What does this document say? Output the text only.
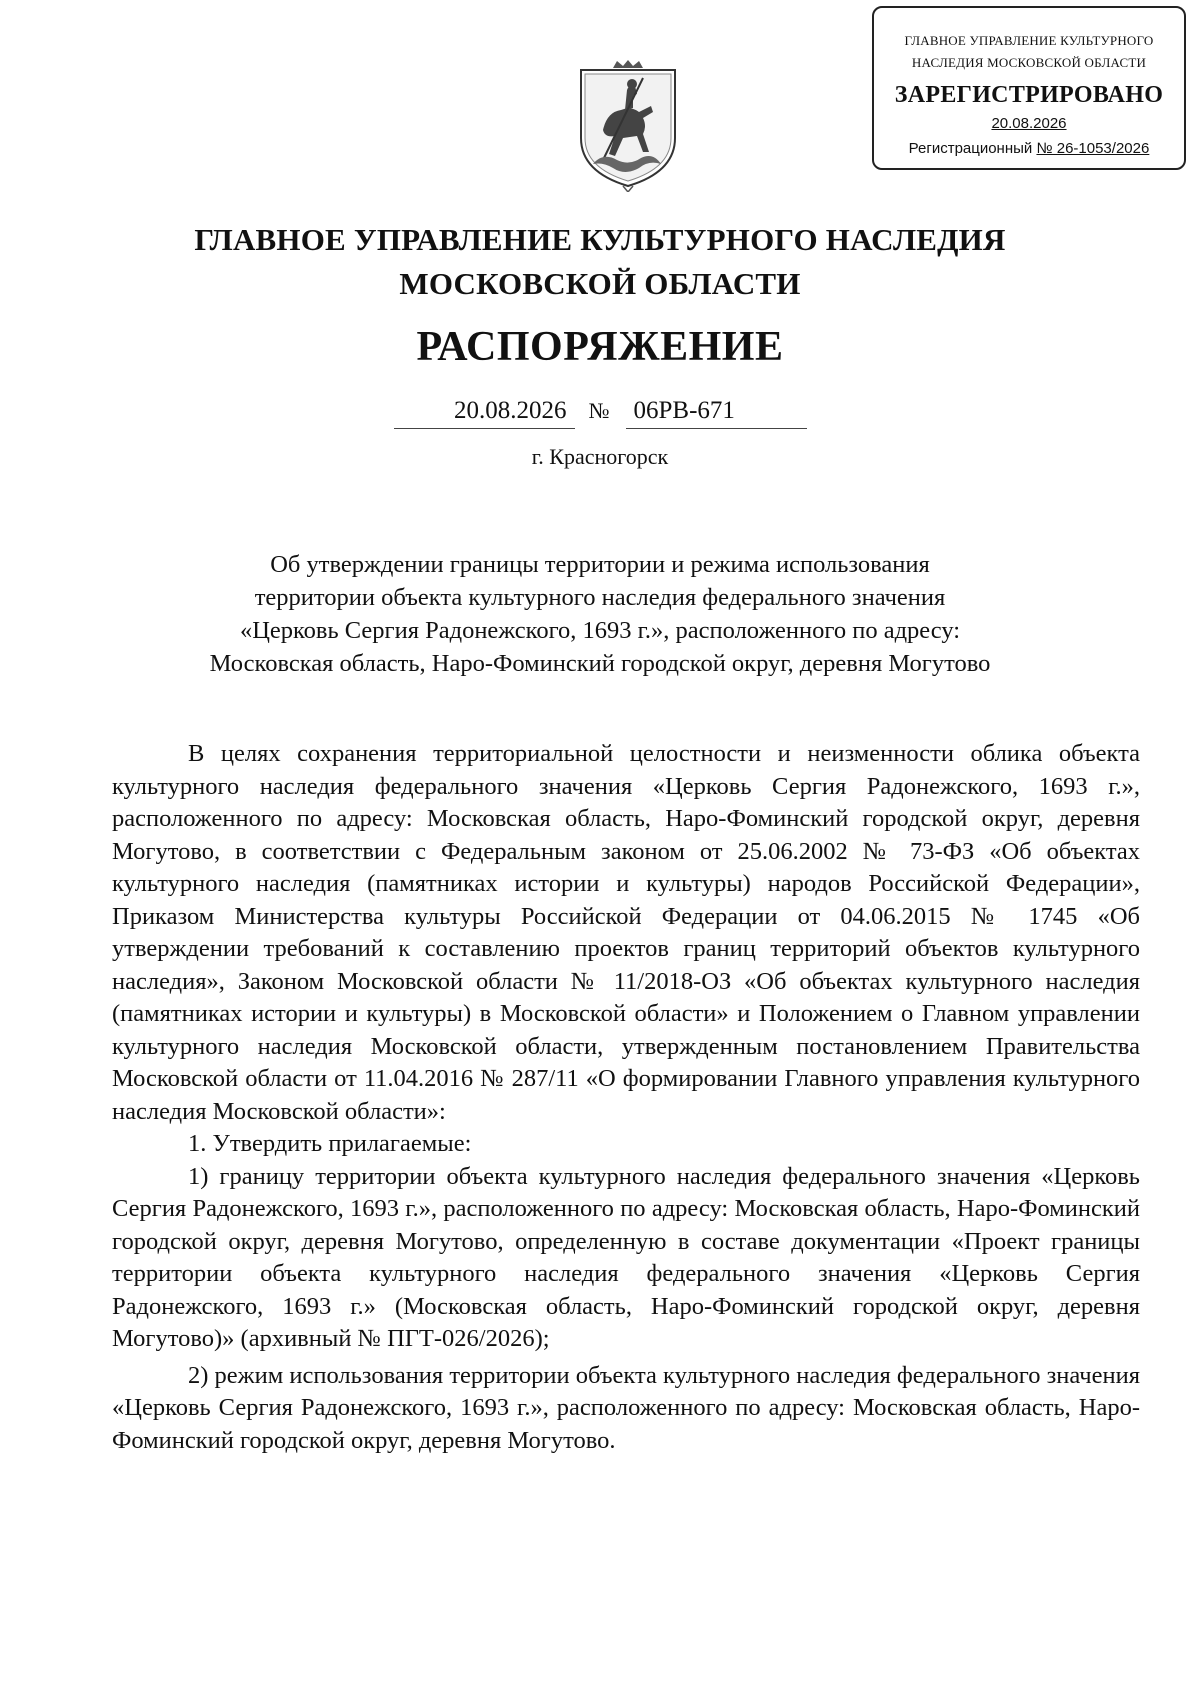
ГЛАВНОЕ УПРАВЛЕНИЕ КУЛЬТУРНОГО
НАСЛЕДИЯ МОСКОВСКОЙ ОБЛАСТИ
ЗАРЕГИСТРИРОВАНО
20.08.2026
Регистрационный № 26-1053/2026
ГЛАВНОЕ УПРАВЛЕНИЕ КУЛЬТУРНОГО НАСЛЕДИЯ
МОСКОВСКОЙ ОБЛАСТИ
РАСПОРЯЖЕНИЕ
20.08.2026 № 06РВ-671
г. Красногорск
Об утверждении границы территории и режима использования
территории объекта культурного наследия федерального значения
«Церковь Сергия Радонежского, 1693 г.», расположенного по адресу:
Московская область, Наро-Фоминский городской округ, деревня Могутово

В целях сохранения территориальной целостности и неизменности облика объекта культурного наследия федерального значения «Церковь Сергия Радонежского, 1693 г.», расположенного по адресу: Московская область, Наро-Фоминский городской округ, деревня Могутово, в соответствии с Федеральным законом от 25.06.2002 № 73-ФЗ «Об объектах культурного наследия (памятниках истории и культуры) народов Российской Федерации», Приказом Министерства культуры Российской Федерации от 04.06.2015 № 1745 «Об утверждении требований к составлению проектов границ территорий объектов культурного наследия», Законом Московской области № 11/2018-ОЗ «Об объектах культурного наследия (памятниках истории и культуры) в Московской области» и Положением о Главном управлении культурного наследия Московской области, утвержденным постановлением Правительства Московской области от 11.04.2016 № 287/11 «О формировании Главного управления культурного наследия Московской области»:

1. Утвердить прилагаемые:

1) границу территории объекта культурного наследия федерального значения «Церковь Сергия Радонежского, 1693 г.», расположенного по адресу: Московская область, Наро-Фоминский городской округ, деревня Могутово, определенную в составе документации «Проект границы территории объекта культурного наследия федерального значения «Церковь Сергия Радонежского, 1693 г.» (Московская область, Наро-Фоминский городской округ, деревня Могутово)» (архивный № ПГТ-026/2026);

2) режим использования территории объекта культурного наследия федерального значения «Церковь Сергия Радонежского, 1693 г.», расположенного по адресу: Московская область, Наро-Фоминский городской округ, деревня Могутово.
